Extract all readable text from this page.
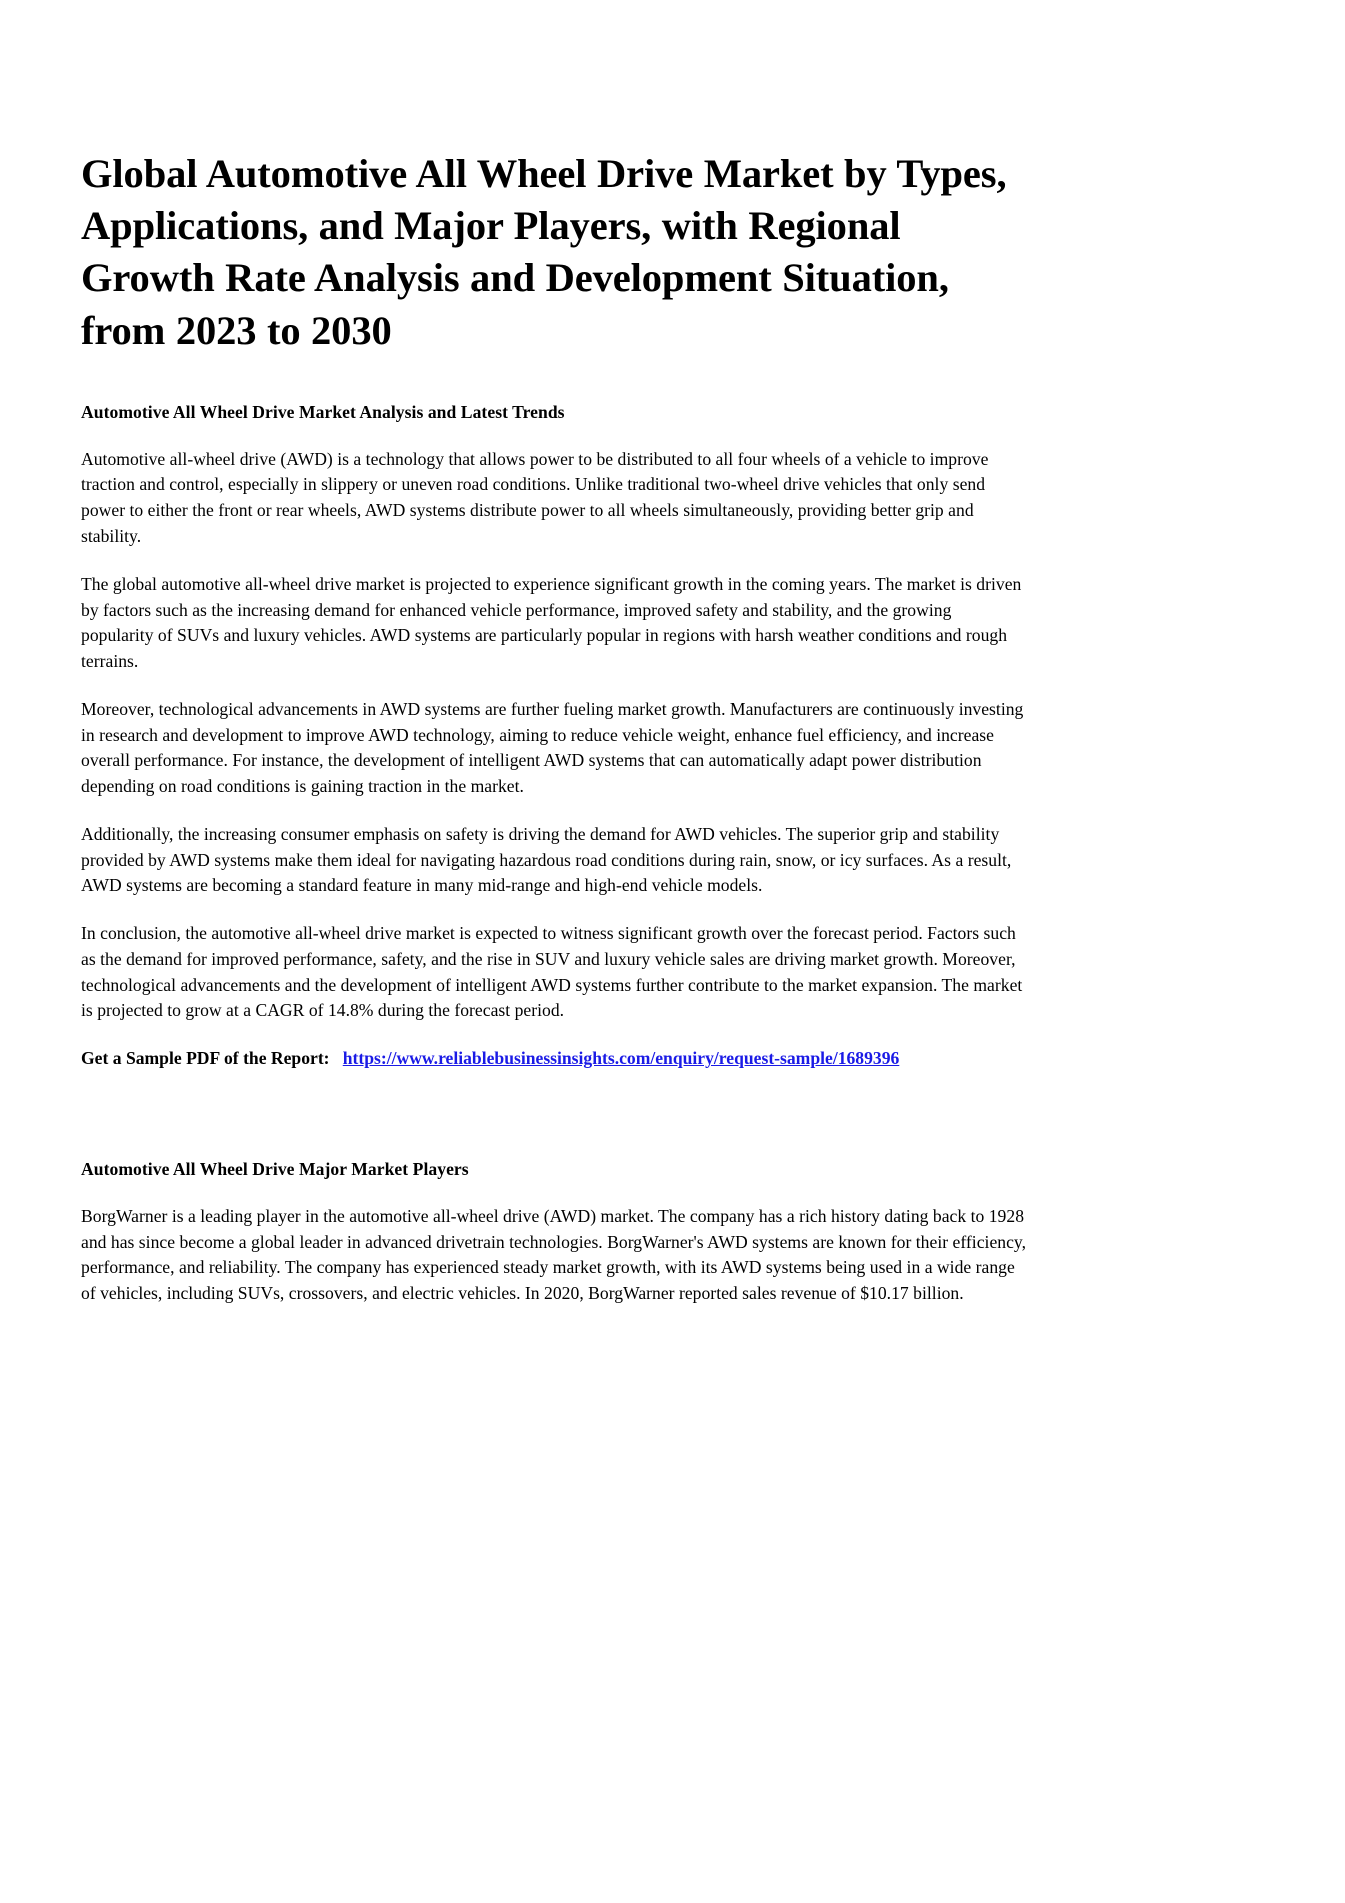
Global Automotive All Wheel Drive Market by Types, Applications, and Major Players, with Regional Growth Rate Analysis and Development Situation, from 2023 to 2030
Automotive All Wheel Drive Market Analysis and Latest Trends

Automotive all-wheel drive (AWD) is a technology that allows power to be distributed to all four wheels of a vehicle to improve traction and control, especially in slippery or uneven road conditions. Unlike traditional two-wheel drive vehicles that only send power to either the front or rear wheels, AWD systems distribute power to all wheels simultaneously, providing better grip and stability.

The global automotive all-wheel drive market is projected to experience significant growth in the coming years. The market is driven by factors such as the increasing demand for enhanced vehicle performance, improved safety and stability, and the growing popularity of SUVs and luxury vehicles. AWD systems are particularly popular in regions with harsh weather conditions and rough terrains.

Moreover, technological advancements in AWD systems are further fueling market growth. Manufacturers are continuously investing in research and development to improve AWD technology, aiming to reduce vehicle weight, enhance fuel efficiency, and increase overall performance. For instance, the development of intelligent AWD systems that can automatically adapt power distribution depending on road conditions is gaining traction in the market.

Additionally, the increasing consumer emphasis on safety is driving the demand for AWD vehicles. The superior grip and stability provided by AWD systems make them ideal for navigating hazardous road conditions during rain, snow, or icy surfaces. As a result, AWD systems are becoming a standard feature in many mid-range and high-end vehicle models.

In conclusion, the automotive all-wheel drive market is expected to witness significant growth over the forecast period. Factors such as the demand for improved performance, safety, and the rise in SUV and luxury vehicle sales are driving market growth. Moreover, technological advancements and the development of intelligent AWD systems further contribute to the market expansion. The market is projected to grow at a CAGR of 14.8% during the forecast period.

Get a Sample PDF of the Report: https://www.reliablebusinessinsights.com/enquiry/request-sample/1689396

Automotive All Wheel Drive Major Market Players

BorgWarner is a leading player in the automotive all-wheel drive (AWD) market. The company has a rich history dating back to 1928 and has since become a global leader in advanced drivetrain technologies. BorgWarner's AWD systems are known for their efficiency, performance, and reliability. The company has experienced steady market growth, with its AWD systems being used in a wide range of vehicles, including SUVs, crossovers, and electric vehicles. In 2020, BorgWarner reported sales revenue of $10.17 billion.
